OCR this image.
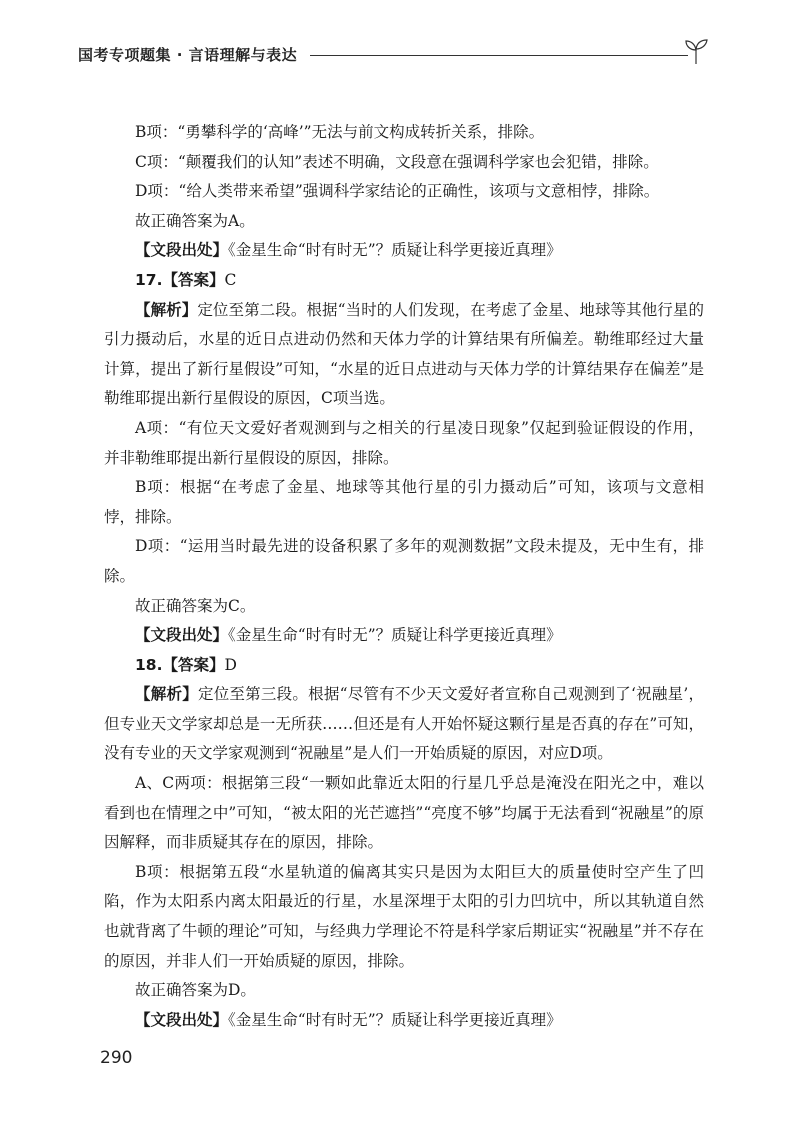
国考专项题集 · 言语理解与表达

B项：“勇攀科学的‘高峰’”无法与前文构成转折关系，排除。

C项：“颠覆我们的认知”表述不明确，文段意在强调科学家也会犯错，排除。

D项：“给人类带来希望”强调科学家结论的正确性，该项与文意相悖，排除。

故正确答案为A。

【文段出处】《金星生命“时有时无”？质疑让科学更接近真理》

17.【答案】C

【解析】定位至第二段。根据“当时的人们发现，在考虑了金星、地球等其他行星的引力摄动后，水星的近日点进动仍然和天体力学的计算结果有所偏差。勒维耶经过大量计算，提出了新行星假设”可知，“水星的近日点进动与天体力学的计算结果存在偏差”是勒维耶提出新行星假设的原因，C项当选。

A项：“有位天文爱好者观测到与之相关的行星凌日现象”仅起到验证假设的作用，并非勒维耶提出新行星假设的原因，排除。

B项：根据“在考虑了金星、地球等其他行星的引力摄动后”可知，该项与文意相悖，排除。

D项：“运用当时最先进的设备积累了多年的观测数据”文段未提及，无中生有，排除。

故正确答案为C。

【文段出处】《金星生命“时有时无”？质疑让科学更接近真理》

18.【答案】D

【解析】定位至第三段。根据“尽管有不少天文爱好者宣称自己观测到了‘祝融星’，但专业天文学家却总是一无所获……但还是有人开始怀疑这颗行星是否真的存在”可知，没有专业的天文学家观测到“祝融星”是人们一开始质疑的原因，对应D项。

A、C两项：根据第三段“一颗如此靠近太阳的行星几乎总是淹没在阳光之中，难以看到也在情理之中”可知，“被太阳的光芒遮挡”“亮度不够”均属于无法看到“祝融星”的原因解释，而非质疑其存在的原因，排除。

B项：根据第五段“水星轨道的偏离其实只是因为太阳巨大的质量使时空产生了凹陷，作为太阳系内离太阳最近的行星，水星深埋于太阳的引力凹坑中，所以其轨道自然也就背离了牛顿的理论”可知，与经典力学理论不符是科学家后期证实“祝融星”并不存在的原因，并非人们一开始质疑的原因，排除。

故正确答案为D。

【文段出处】《金星生命“时有时无”？质疑让科学更接近真理》

290
